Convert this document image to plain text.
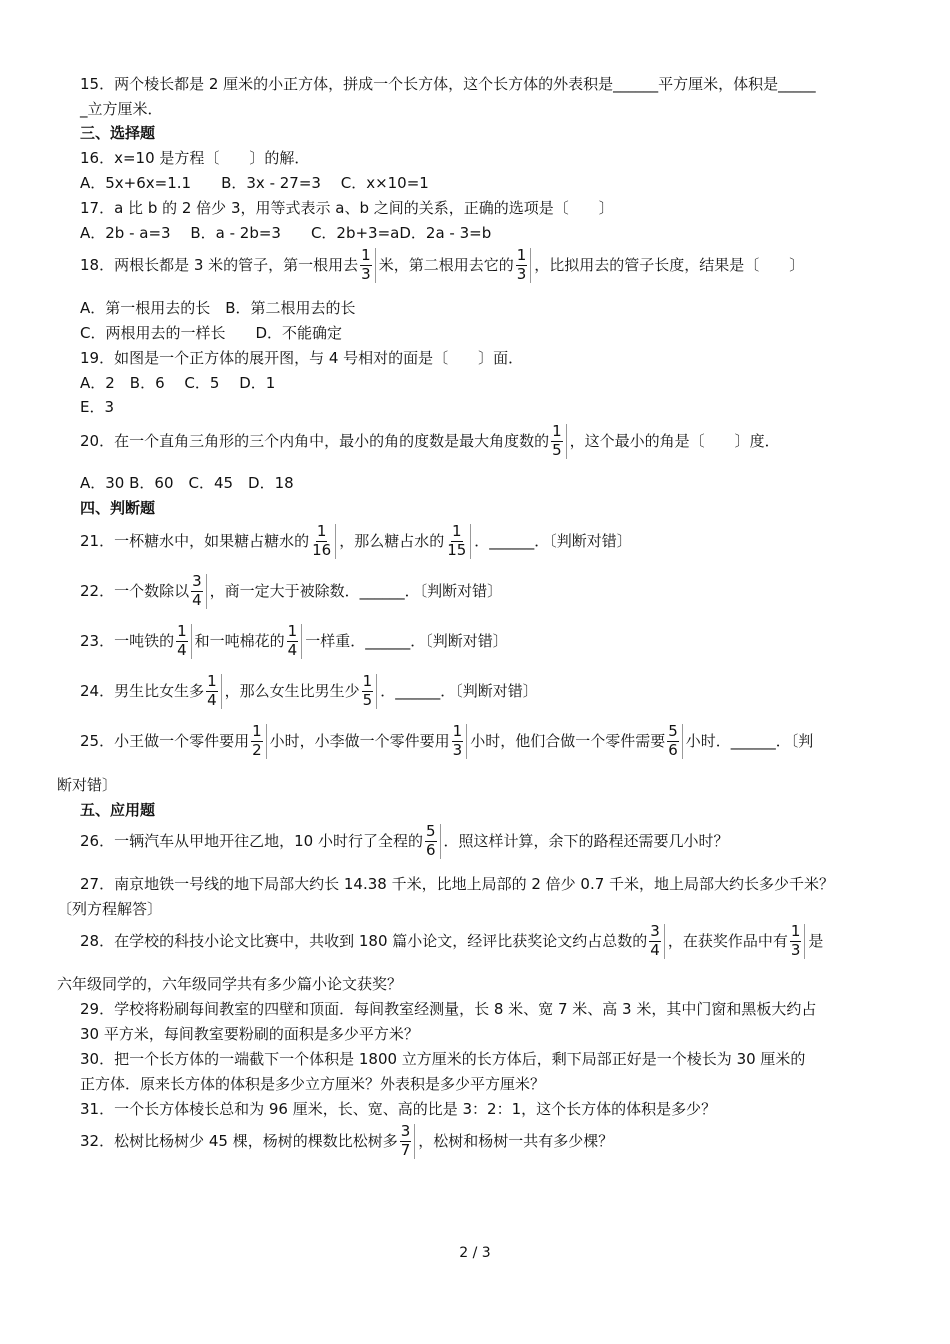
15．两个棱长都是 2 厘米的小正方体，拼成一个长方体，这个长方体的外表积是______平方厘米，体积是_____
_立方厘米．
三、选择题
16．x=10 是方程〔　　〕的解．
A．5x+6x=1.1　　B．3x - 27=3　 C．x×10=1
17．a 比 b 的 2 倍少 3，用等式表示 a、b 之间的关系，正确的选项是〔　　〕
A．2b - a=3　 B．a - 2b=3　　C．2b+3=aD．2a - 3=b
18．两根长都是 3 米的管子，第一根用去 $\frac{1}{3}$ 米，第二根用去它的 $\frac{1}{3}$ ，比拟用去的管子长度，结果是〔　　〕
A．第一根用去的长　B．第二根用去的长
C．两根用去的一样长　　D．不能确定
19．如图是一个正方体的展开图，与 4 号相对的面是〔　　〕面．
A．2　B．6　 C．5　 D．1
E．3
20．在一个直角三角形的三个内角中，最小的角的度数是最大角度数的 $\frac{1}{5}$ ，这个最小的角是〔　　〕度．
A．30 B．60　C．45　D．18
四、判断题
21．一杯糖水中，如果糖占糖水的 $\frac{1}{16}$ ，那么糖占水的 $\frac{1}{15}$ ．______．〔判断对错〕
22．一个数除以 $\frac{3}{4}$ ，商一定大于被除数．______．〔判断对错〕
23．一吨铁的 $\frac{1}{4}$ 和一吨棉花的 $\frac{1}{4}$ 一样重．______．〔判断对错〕
24．男生比女生多 $\frac{1}{4}$ ，那么女生比男生少 $\frac{1}{5}$ ．______．〔判断对错〕
25．小王做一个零件要用 $\frac{1}{2}$ 小时，小李做一个零件要用 $\frac{1}{3}$ 小时，他们合做一个零件需要 $\frac{5}{6}$ 小时．______．〔判
断对错〕
五、应用题
26．一辆汽车从甲地开往乙地，10 小时行了全程的 $\frac{5}{6}$ ．照这样计算，余下的路程还需要几小时？
27．南京地铁一号线的地下局部大约长 14.38 千米，比地上局部的 2 倍少 0.7 千米，地上局部大约长多少千米？
〔列方程解答〕
28．在学校的科技小论文比赛中，共收到 180 篇小论文，经评比获奖论文约占总数的 $\frac{3}{4}$ ，在获奖作品中有 $\frac{1}{3}$ 是
六年级同学的，六年级同学共有多少篇小论文获奖？
29．学校将粉刷每间教室的四壁和顶面．每间教室经测量，长 8 米、宽 7 米、高 3 米，其中门窗和黑板大约占
30 平方米，每间教室要粉刷的面积是多少平方米？
30．把一个长方体的一端截下一个体积是 1800 立方厘米的长方体后，剩下局部正好是一个棱长为 30 厘米的
正方体．原来长方体的体积是多少立方厘米？外表积是多少平方厘米？
31．一个长方体棱长总和为 96 厘米，长、宽、高的比是 3：2：1，这个长方体的体积是多少？
32．松树比杨树少 45 棵，杨树的棵数比松树多 $\frac{3}{7}$ ，松树和杨树一共有多少棵？
2 / 3
